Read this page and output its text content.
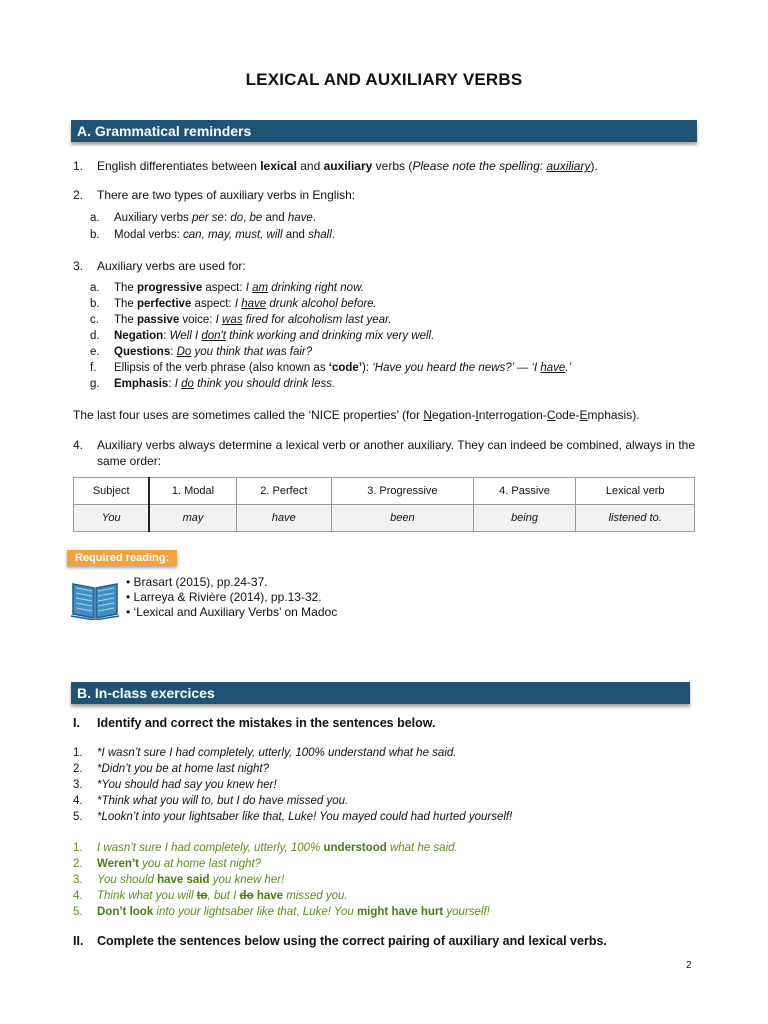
LEXICAL AND AUXILIARY VERBS
A. Grammatical reminders
1. English differentiates between lexical and auxiliary verbs (Please note the spelling: auxiliary).
2. There are two types of auxiliary verbs in English:
a. Auxiliary verbs per se: do, be and have.
b. Modal verbs: can, may, must, will and shall.
3. Auxiliary verbs are used for:
a. The progressive aspect: I am drinking right now.
b. The perfective aspect: I have drunk alcohol before.
c. The passive voice: I was fired for alcoholism last year.
d. Negation: Well I don't think working and drinking mix very well.
e. Questions: Do you think that was fair?
f. Ellipsis of the verb phrase (also known as ‘code’): ‘Have you heard the news?’ — ‘I have.’
g. Emphasis: I do think you should drink less.
The last four uses are sometimes called the ‘NICE properties’ (for Negation-Interrogation-Code-Emphasis).
4. Auxiliary verbs always determine a lexical verb or another auxiliary. They can indeed be combined, always in the same order:
Subject	1. Modal	2. Perfect	3. Progressive	4. Passive	Lexical verb
You	may	have	been	being	listened to.
Required reading:
• Brasart (2015), pp.24-37.
• Larreya & Rivière (2014), pp.13-32.
• ‘Lexical and Auxiliary Verbs’ on Madoc
B. In-class exercices
I. Identify and correct the mistakes in the sentences below.
1. *I wasn’t sure I had completely, utterly, 100% understand what he said.
2. *Didn’t you be at home last night?
3. *You should had say you knew her!
4. *Think what you will to, but I do have missed you.
5. *Lookn’t into your lightsaber like that, Luke! You mayed could had hurted yourself!
1. I wasn’t sure I had completely, utterly, 100% understood what he said.
2. Weren’t you at home last night?
3. You should have said you knew her!
4. Think what you will to, but I do have missed you.
5. Don’t look into your lightsaber like that, Luke! You might have hurt yourself!
II. Complete the sentences below using the correct pairing of auxiliary and lexical verbs.
2
